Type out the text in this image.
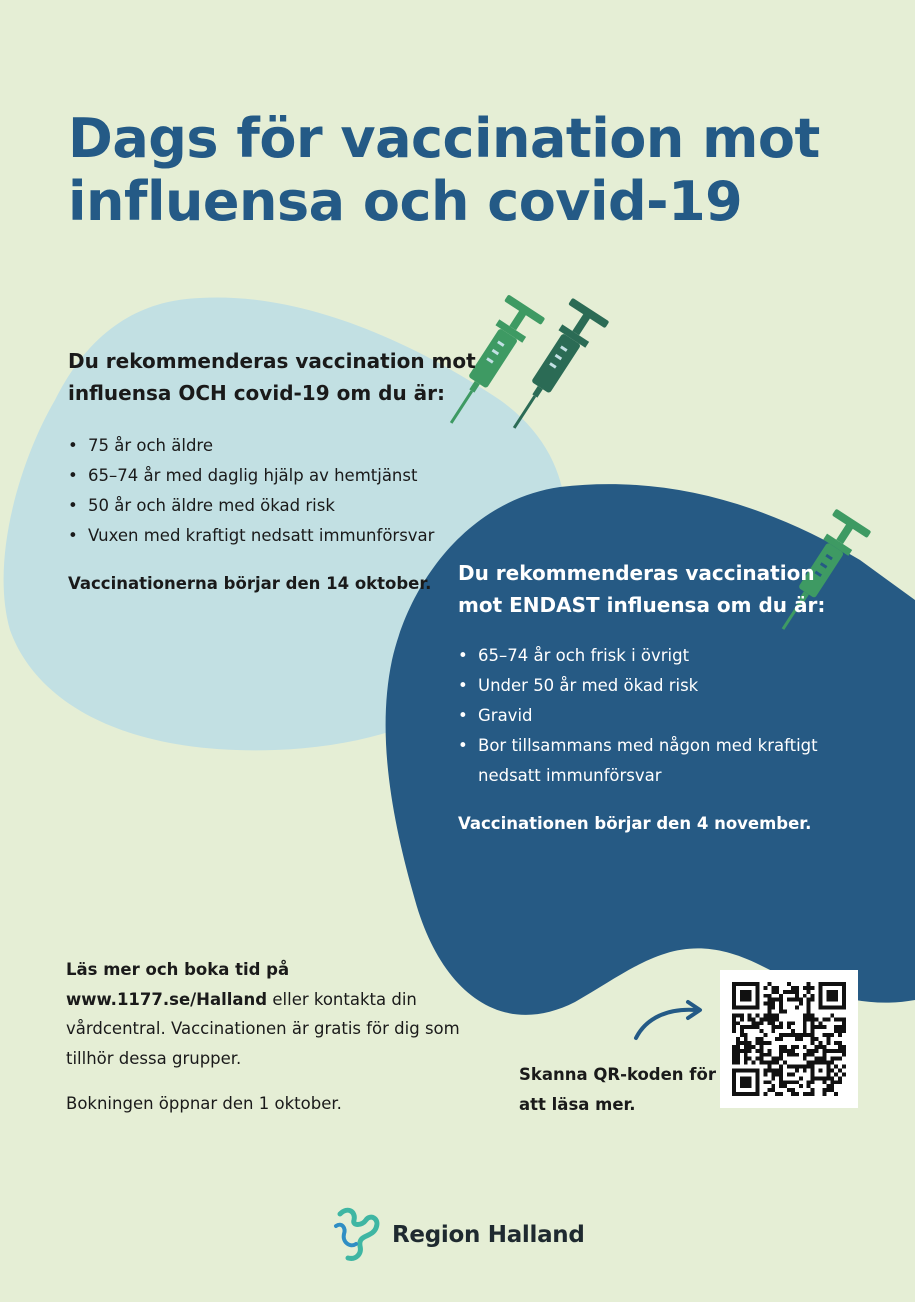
Dags för vaccination mot influensa och covid-19
Du rekommenderas vaccination mot influensa OCH covid-19 om du är:
• 75 år och äldre
• 65–74 år med daglig hjälp av hemtjänst
• 50 år och äldre med ökad risk
• Vuxen med kraftigt nedsatt immunförsvar

Vaccinationerna börjar den 14 oktober.	Du rekommenderas vaccination mot ENDAST influensa om du är:
• 65–74 år och frisk i övrigt
• Under 50 år med ökad risk
• Gravid
• Bor tillsammans med någon med kraftigt nedsatt immunförsvar

Vaccinationen börjar den 4 november.

Läs mer och boka tid på
www.1177.se/Halland eller kontakta din vårdcentral. Vaccinationen är gratis för dig som tillhör dessa grupper.

Bokningen öppnar den 1 oktober.

Skanna QR-koden för att läsa mer.

Region Halland
